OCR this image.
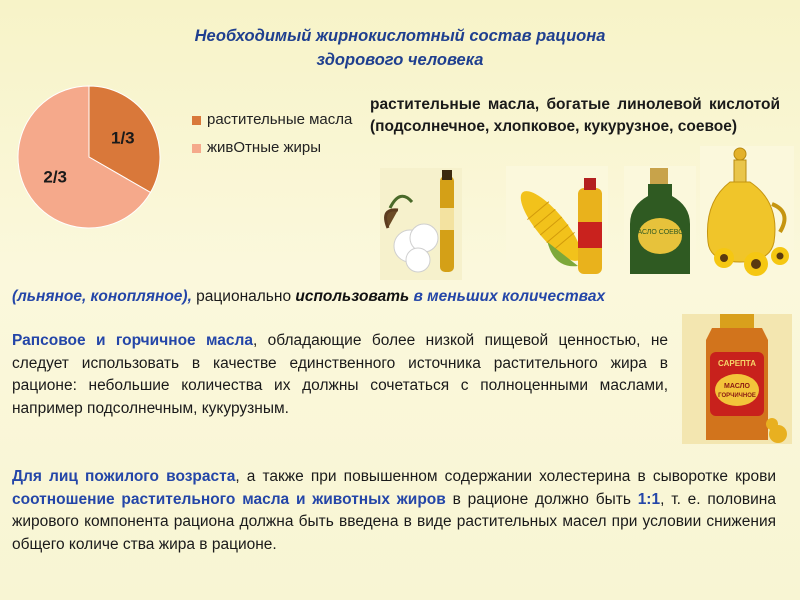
Необходимый жирнокислотный состав рациона
здорового человека
1/3
2/3
растительные масла
живОтные жиры
растительные масла, богатые линолевой кислотой (подсолнечное, хлопковое, кукурузное, соевое)
МАСЛО СОЕВОЕ
(льняное, конопляное), рационально использовать в меньших количествах
Рапсовое и горчичное масла, обладающие более низкой пищевой ценностью, не следует использовать в качестве единственного источника растительного жира в рационе: небольшие количества их должны сочетаться с полноценными маслами, например подсолнечным, кукурузным.
САРЕПТА
МАСЛО
ГОРЧИЧНОЕ
Для лиц пожилого возраста, а также при повышенном содержании холестерина в сыворотке крови соотношение растительного масла и животных жиров в рационе должно быть 1:1, т. е. половина жирового компонента рациона должна быть введена в виде растительных масел при условии снижения общего количе ства жира в рационе.
